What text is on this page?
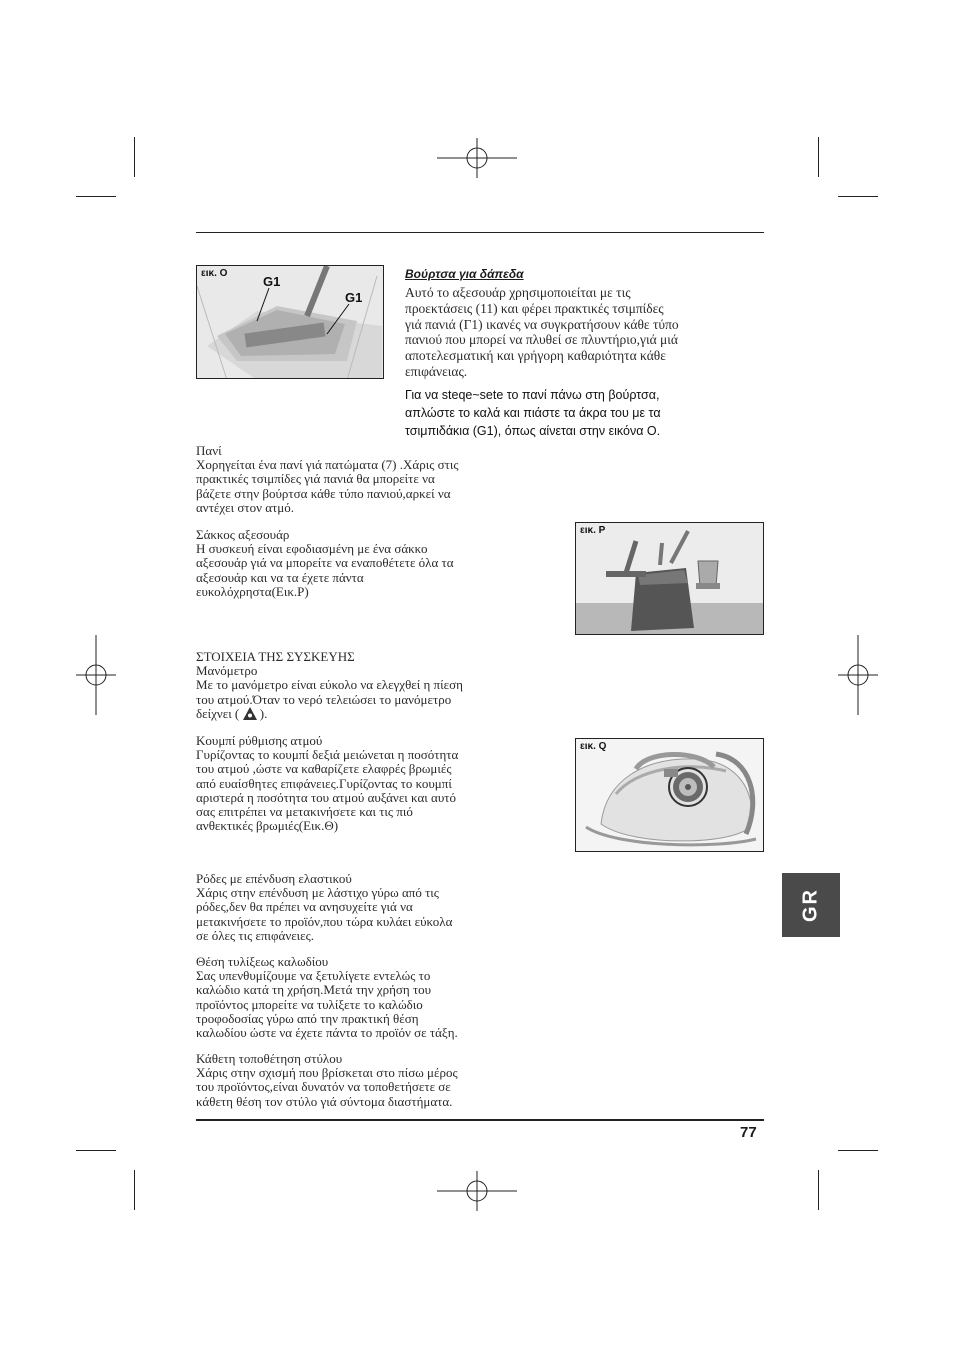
εικ. O
G1
G1
Βούρτσα για δάπεδα
Αυτό το αξεσουάρ χρησιμοποιείται με τις
προεκτάσεις (11) και φέρει πρακτικές τσιμπίδες
γιά πανιά (Γ1) ικανές να συγκρατήσουν κάθε τύπο
πανιού που μπορεί να πλυθεί σε πλυντήριο,γιά μιά
αποτελεσματική και γρήγορη καθαριότητα κάθε
επιφάνειας.
Για να steqe~sete το πανί πάνω στη βούρτσα,
απλώστε το καλά και πιάστε τα άκρα του με τα
τσιμπιδάκια (G1), όπως αίνεται στην εικόνα O.
Πανί
Χορηγείται ένα πανί γιά πατώματα (7) .Χάρις στις
πρακτικές τσιμπίδες γιά πανιά θα μπορείτε να
βάζετε στην βούρτσα κάθε τύπο πανιού,αρκεί να
αντέχει στον ατμό.
Σάκκος αξεσουάρ
Η συσκευή είναι εφοδιασμένη με ένα σάκκο
αξεσουάρ γιά να μπορείτε να εναποθέτετε όλα τα
αξεσουάρ και να τα έχετε πάντα
ευκολόχρηστα(Εικ.Ρ)
εικ. P
ΣΤΟΙΧΕΙΑ ΤΗΣ ΣΥΣΚΕΥΗΣ
Μανόμετρο
Με το μανόμετρο είναι εύκολο να ελεγχθεί η πίεση
του ατμού.Όταν το νερό τελειώσει το μανόμετρο
δείχνει ( ).
Κουμπί ρύθμισης ατμού
Γυρίζοντας το κουμπί δεξιά μειώνεται η ποσότητα
του ατμού ,ώστε να καθαρίζετε ελαφρές βρωμιές
από ευαίσθητες επιφάνειες.Γυρίζοντας το κουμπί
αριστερά η ποσότητα του ατμού αυξάνει και αυτό
σας επιτρέπει να μετακινήσετε και τις πιό
ανθεκτικές βρωμιές(Εικ.Θ)
εικ. Q
Ρόδες με επένδυση ελαστικού
Χάρις στην επένδυση με λάστιχο γύρω από τις
ρόδες,δεν θα πρέπει να ανησυχείτε γιά να
μετακινήσετε το προϊόν,που τώρα κυλάει εύκολα
σε όλες τις επιφάνειες.
Θέση τυλίξεως καλωδίου
Σας υπενθυμίζουμε να ξετυλίγετε εντελώς το
καλώδιο κατά τη χρήση.Μετά την χρήση του
προϊόντος μπορείτε να τυλίξετε το καλώδιο
τροφοδοσίας γύρω από την πρακτική θέση
καλωδίου ώστε να έχετε πάντα το προϊόν σε τάξη.
Κάθετη τοποθέτηση στύλου
Χάρις στην σχισμή που βρίσκεται στο πίσω μέρος
του προϊόντος,είναι δυνατόν να τοποθετήσετε σε
κάθετη θέση τον στύλο γιά σύντομα διαστήματα.
GR
77
